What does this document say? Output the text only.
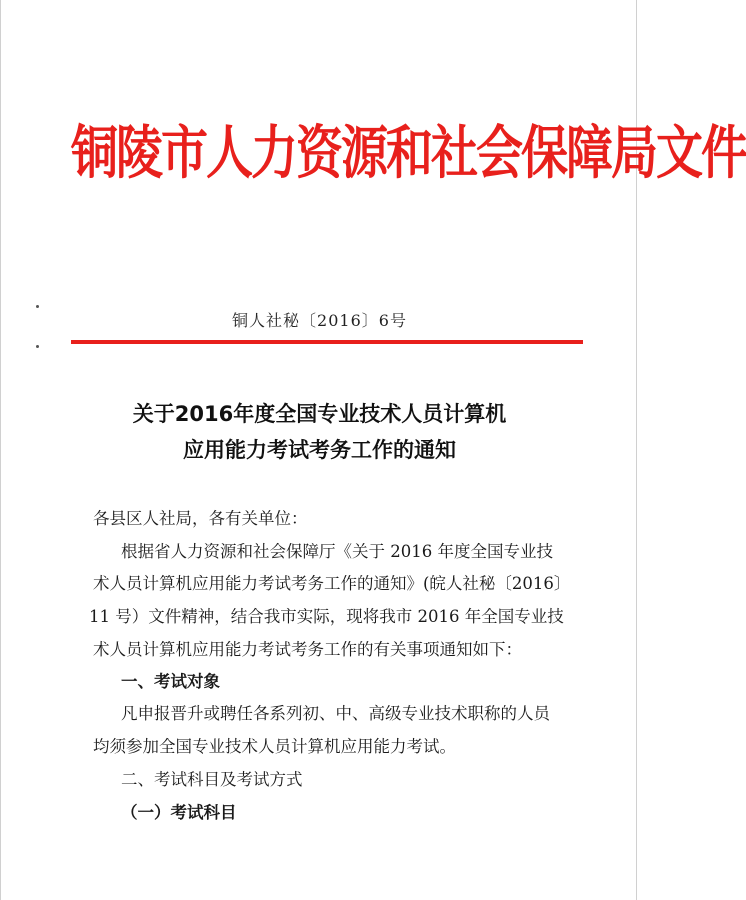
铜陵市人力资源和社会保障局文件
铜人社秘〔2016〕6号
关于2016年度全国专业技术人员计算机
应用能力考试考务工作的通知
各县区人社局，各有关单位：
根据省人力资源和社会保障厅《关于 2016 年度全国专业技
术人员计算机应用能力考试考务工作的通知》(皖人社秘〔2016〕
11 号）文件精神，结合我市实际，现将我市 2016 年全国专业技
术人员计算机应用能力考试考务工作的有关事项通知如下：
一、考试对象
凡申报晋升或聘任各系列初、中、高级专业技术职称的人员
均须参加全国专业技术人员计算机应用能力考试。
二、考试科目及考试方式
（一）考试科目
